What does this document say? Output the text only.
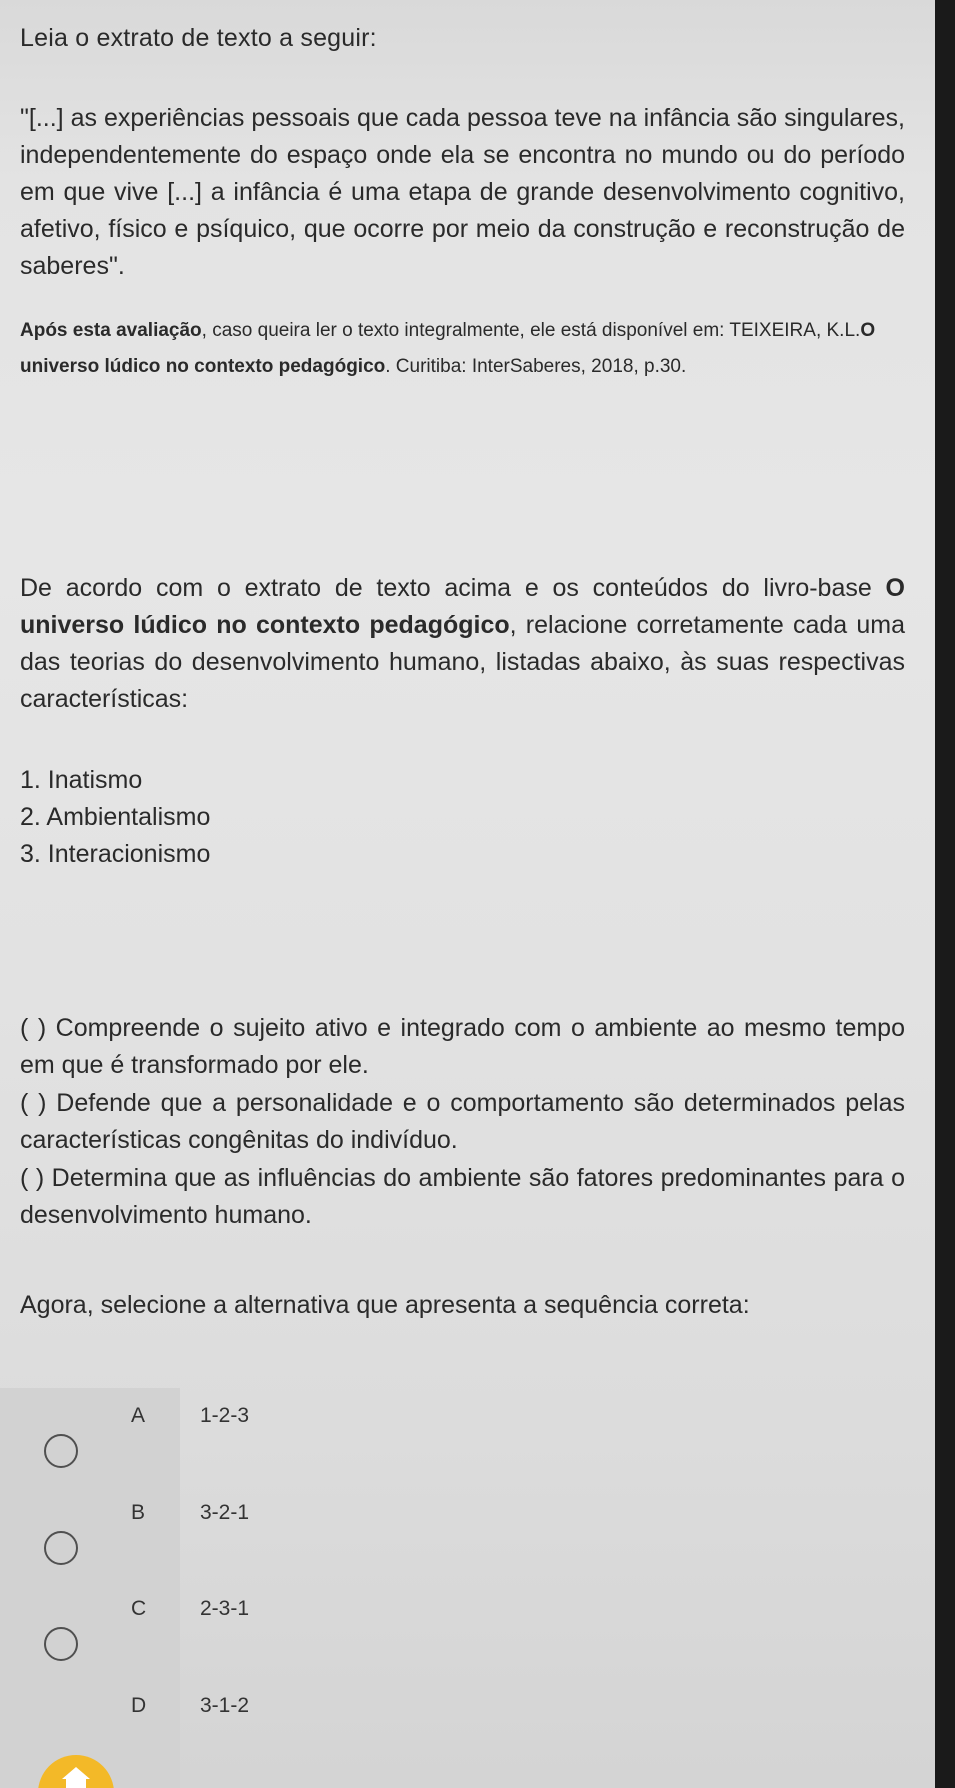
Leia o extrato de texto a seguir:

"[...] as experiências pessoais que cada pessoa teve na infância são singulares, independentemente do espaço onde ela se encontra no mundo ou do período em que vive [...] a infância é uma etapa de grande desenvolvimento cognitivo, afetivo, físico e psíquico, que ocorre por meio da construção e reconstrução de saberes".

Após esta avaliação, caso queira ler o texto integralmente, ele está disponível em: TEIXEIRA, K.L.O universo lúdico no contexto pedagógico. Curitiba: InterSaberes, 2018, p.30.

De acordo com o extrato de texto acima e os conteúdos do livro-base O universo lúdico no contexto pedagógico, relacione corretamente cada uma das teorias do desenvolvimento humano, listadas abaixo, às suas respectivas características:

1. Inatismo
2. Ambientalismo
3. Interacionismo

( ) Compreende o sujeito ativo e integrado com o ambiente ao mesmo tempo em que é transformado por ele.

( ) Defende que a personalidade e o comportamento são determinados pelas características congênitas do indivíduo.

( ) Determina que as influências do ambiente são fatores predominantes para o desenvolvimento humano.

Agora, selecione a alternativa que apresenta a sequência correta:

A	1-2-3
B	3-2-1
C	2-3-1
D	3-1-2
